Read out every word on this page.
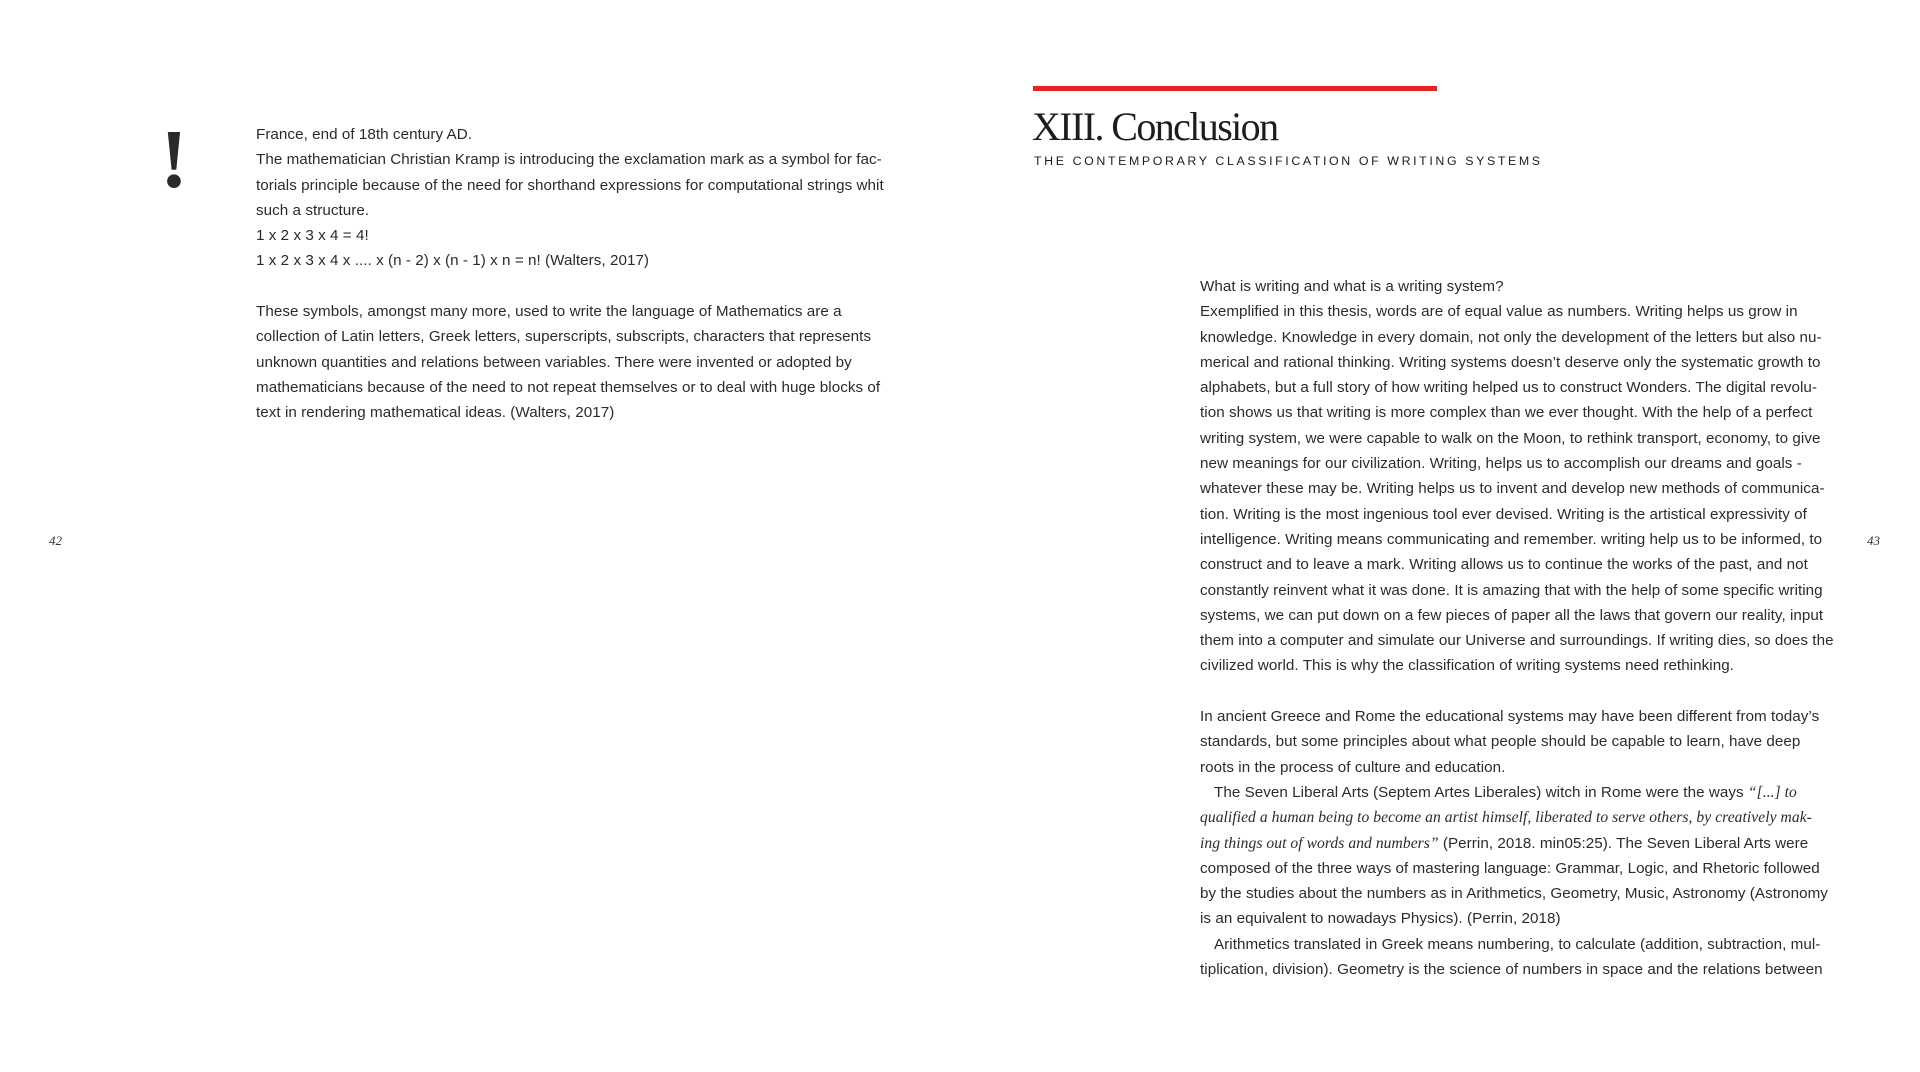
!	France, end of 18th century AD.
The mathematician Christian Kramp is introducing the exclamation mark as a symbol for fac-
torials principle because of the need for shorthand expressions for computational strings whit
such a structure.
1 x 2 x 3 x 4 = 4!
1 x 2 x 3 x 4 x .... x (n - 2) x (n - 1) x n = n! (Walters, 2017)
These symbols, amongst many more, used to write the language of Mathematics are a
collection of Latin letters, Greek letters, superscripts, subscripts, characters that represents
unknown quantities and relations between variables. There were invented or adopted by
mathematicians because of the need to not repeat themselves or to deal with huge blocks of
text in rendering mathematical ideas. (Walters, 2017)
42
XIII. Conclusion
THE CONTEMPORARY CLASSIFICATION OF WRITING SYSTEMS
What is writing and what is a writing system?
Exemplified in this thesis, words are of equal value as numbers. Writing helps us grow in
knowledge. Knowledge in every domain, not only the development of the letters but also nu-
merical and rational thinking. Writing systems doesn’t deserve only the systematic growth to
alphabets, but a full story of how writing helped us to construct Wonders. The digital revolu-
tion shows us that writing is more complex than we ever thought. With the help of a perfect
writing system, we were capable to walk on the Moon, to rethink transport, economy, to give
new meanings for our civilization. Writing, helps us to accomplish our dreams and goals -
whatever these may be. Writing helps us to invent and develop new methods of communica-
tion. Writing is the most ingenious tool ever devised. Writing is the artistical expressivity of
intelligence. Writing means communicating and remember. writing help us to be informed, to
construct and to leave a mark. Writing allows us to continue the works of the past, and not
constantly reinvent what it was done. It is amazing that with the help of some specific writing
systems, we can put down on a few pieces of paper all the laws that govern our reality, input
them into a computer and simulate our Universe and surroundings. If writing dies, so does the
civilized world. This is why the classification of writing systems need rethinking.
In ancient Greece and Rome the educational systems may have been different from today’s
standards, but some principles about what people should be capable to learn, have deep
roots in the process of culture and education.
The Seven Liberal Arts (Septem Artes Liberales) witch in Rome were the ways “[...] to
qualified a human being to become an artist himself, liberated to serve others, by creatively mak-
ing things out of words and numbers” (Perrin, 2018. min05:25). The Seven Liberal Arts were
composed of the three ways of mastering language: Grammar, Logic, and Rhetoric followed
by the studies about the numbers as in Arithmetics, Geometry, Music, Astronomy (Astronomy
is an equivalent to nowadays Physics). (Perrin, 2018)
Arithmetics translated in Greek means numbering, to calculate (addition, subtraction, mul-
tiplication, division). Geometry is the science of numbers in space and the relations between
43
